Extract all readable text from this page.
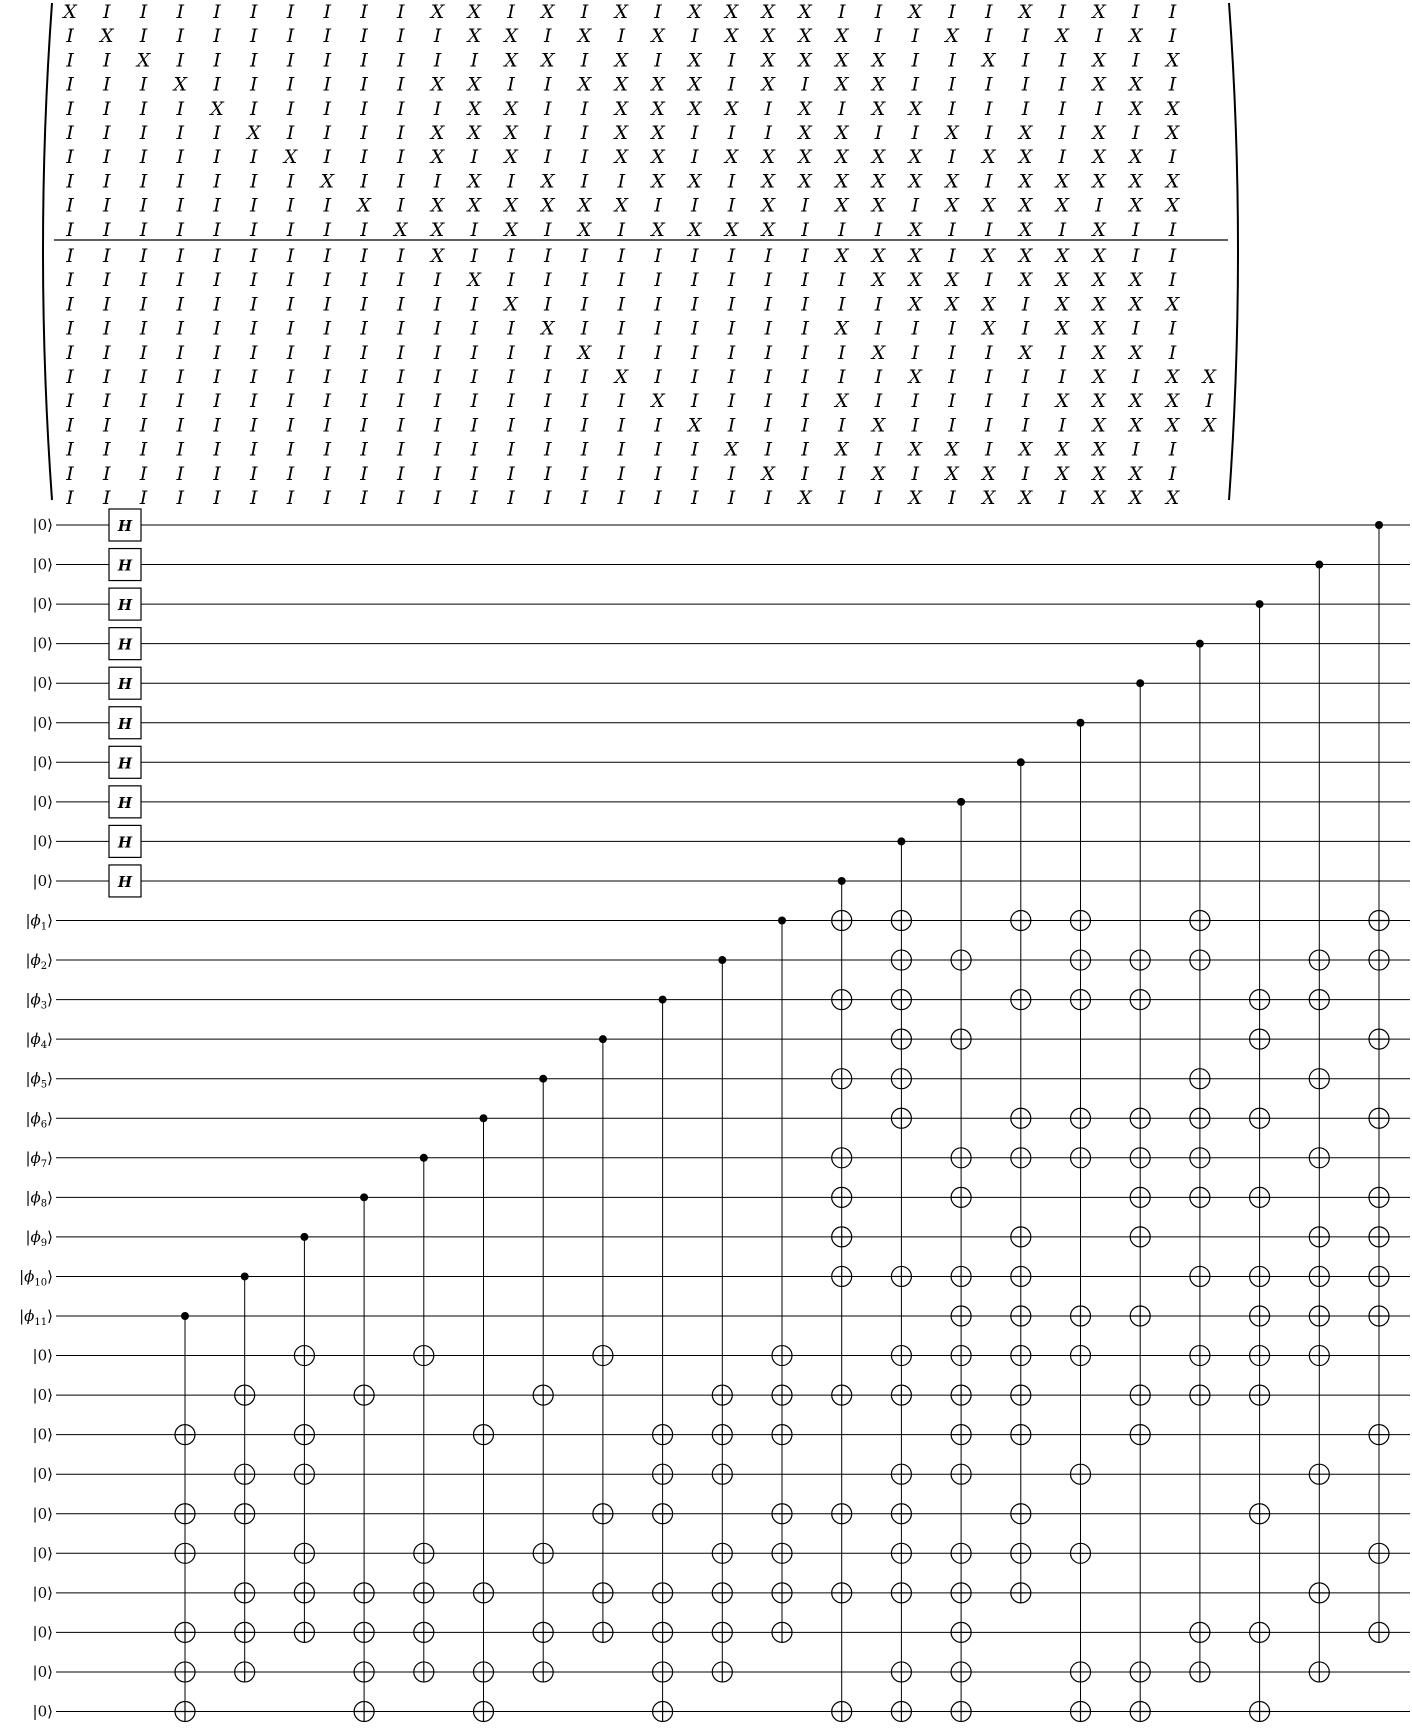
X I I I I I I I I I X X I X I X I X X X X I I X I I X I X I I
I X I I I I I I I I I X X I X I X I X X X X I I X I I X I X I
I I X I I I I I I I I I X X I X I X I X X X X I I X I I X I X
I I I X I I I I I I X X I I X X X X I X I X X I I I I I X X I
I I I I X I I I I I I X X I I X X X X I X I X X I I I I I X X
I I I I I X I I I I X X X I I X X I I I X X I I X I X I X I X
I I I I I I X I I I X I X I I X X I X X X X X X I X X I X X I
I I I I I I I X I I I X I X I I X X I X X X X X X I X X X X X
I I I I I I I I X I X X X X X X I I I X I X X I X X X X I X X
I I I I I I I I I X X I X I X I X X X X I I I X I I X I X I I
I I I I I I I I I I X I I I I I I I I I I X X X I X X X X I I
I I I I I I I I I I I X I I I I I I I I I I X X X I X X X X I
I I I I I I I I I I I I X I I I I I I I I I I X X X I X X X X
I I I I I I I I I I I I I X I I I I I I I X I I I X I X X I I
I I I I I I I I I I I I I I X I I I I I I I X I I I X I X X I
I I I I I I I I I I I I I I I X I I I I I I I X I I I I X I X X
I I I I I I I I I I I I I I I I X I I I I X I I I I I X X X X I
I I I I I I I I I I I I I I I I I X I I I I X I I I I I X X X X
I I I I I I I I I I I I I I I I I I X I I X I X X I X X X I I
I I I I I I I I I I I I I I I I I I I X I I X I X X I X X X I
I I I I I I I I I I I I I I I I I I I I X I I X I X X I X X X
|0⟩
|0⟩
|0⟩
|0⟩
|0⟩
|0⟩
|0⟩
|0⟩
|0⟩
|0⟩
$|\phi_1⟩$
$|\phi_2⟩$
$|\phi_3⟩$
$|\phi_4⟩$
$|\phi_5⟩$
$|\phi_6⟩$
$|\phi_7⟩$
$|\phi_8⟩$
$|\phi_9⟩$
$|\phi_{10}⟩$
$|\phi_{11}⟩$
|0⟩
|0⟩
|0⟩
|0⟩
|0⟩
|0⟩
|0⟩
|0⟩
|0⟩
|0⟩
H
H
H
H
H
H
H
H
H
H
